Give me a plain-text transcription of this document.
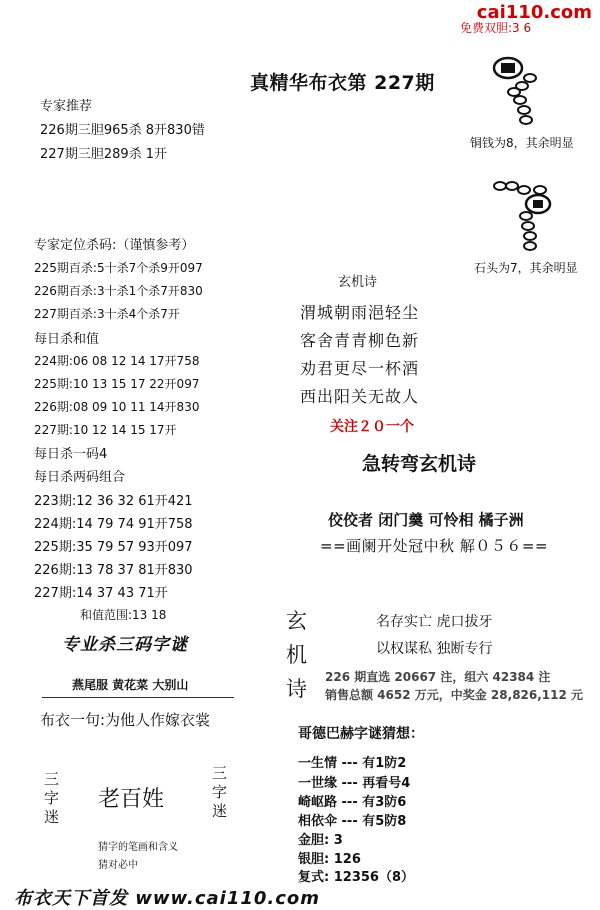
cai110.com
免费双胆:3 6
真精华布衣第 227期
专家推荐
226期三胆965杀 8开830错
227期三胆289杀 1开
铜钱为8，其余明显
石头为7，其余明显
专家定位杀码:（谨慎参考）
225期百杀:5十杀7个杀9开097
226期百杀:3十杀1个杀7开830
227期百杀:3十杀4个杀7开
每日杀和值
224期:06 08 12 14 17开758
225期:10 13 15 17 22开097
226期:08 09 10 11 14开830
227期:10 12 14 15 17开
每日杀一码4
每日杀两码组合
223期:12 36 32 61开421
224期:14 79 74 91开758
225期:35 79 57 93开097
226期:13 78 37 81开830
227期:14 37 43 71开
和值范围:13 18
专业杀三码字谜
燕尾服 黄花菜 大别山
布衣一句:为他人作嫁衣裳
三字迷
老百姓
三字迷
猜字的笔画和含义
猜对必中
玄机诗
渭城朝雨浥轻尘
客舍青青柳色新
劝君更尽一杯酒
西出阳关无故人
关注２０一个
急转弯玄机诗
佼佼者 闭门羹 可怜相 橘子洲
==画阑开处冠中秋 解０５６==
玄机诗
名存实亡 虎口拔牙
以权谋私 独断专行
226 期直选 20667 注，组六 42384 注
销售总额 4652 万元，中奖金 28,826,112 元
哥德巴赫字谜猜想：
一生情 --- 有1防2
一世缘 --- 再看号4
崎岖路 --- 有3防6
相依伞 --- 有5防8
金胆: 3
银胆: 126
复式: 12356（8）
布衣天下首发 www.cai110.com
